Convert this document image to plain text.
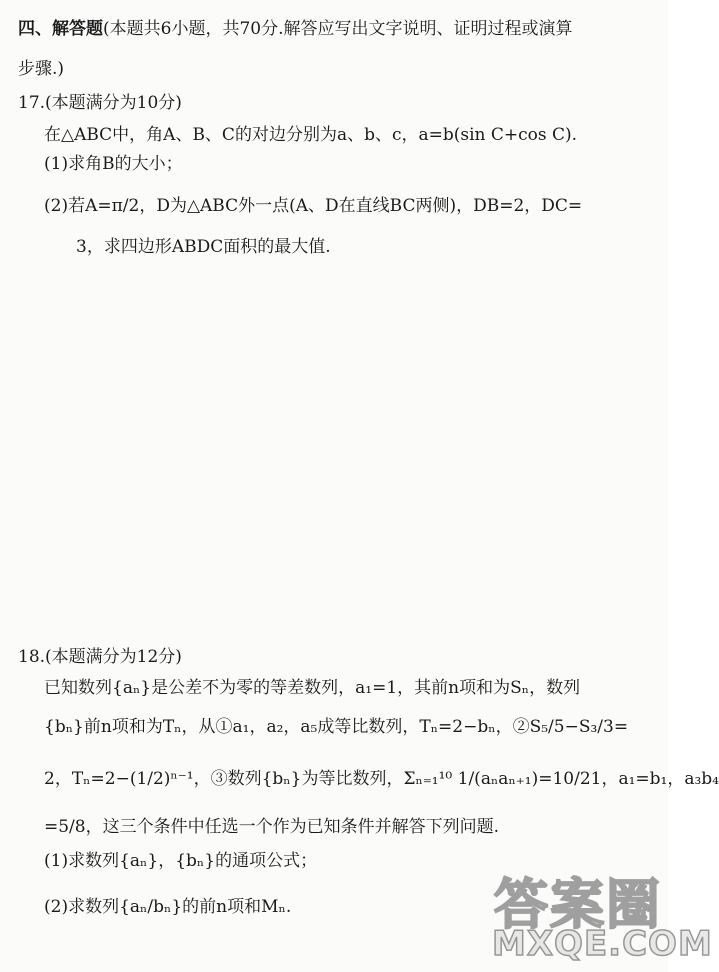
四、解答题(本题共6小题，共70分.解答应写出文字说明、证明过程或演算
步骤.)
17.(本题满分为10分)
在△ABC中，角A、B、C的对边分别为a、b、c，a=b(sin C+cos C).
(1)求角B的大小；
(2)若A=π/2，D为△ABC外一点(A、D在直线BC两侧)，DB=2，DC=
3，求四边形ABDC面积的最大值.
18.(本题满分为12分)
已知数列{aₙ}是公差不为零的等差数列，a₁=1，其前n项和为Sₙ，数列
{bₙ}前n项和为Tₙ，从①a₁，a₂，a₅成等比数列，Tₙ=2−bₙ，②S₅/5−S₃/3=
2，Tₙ=2−(1/2)ⁿ⁻¹，③数列{bₙ}为等比数列，Σₙ₌₁¹⁰ 1/(aₙaₙ₊₁)=10/21，a₁=b₁，a₃b₄
=5/8，这三个条件中任选一个作为已知条件并解答下列问题.
(1)求数列{aₙ}，{bₙ}的通项公式；
(2)求数列{aₙ/bₙ}的前n项和Mₙ.	答案圈
MXQE.COM
